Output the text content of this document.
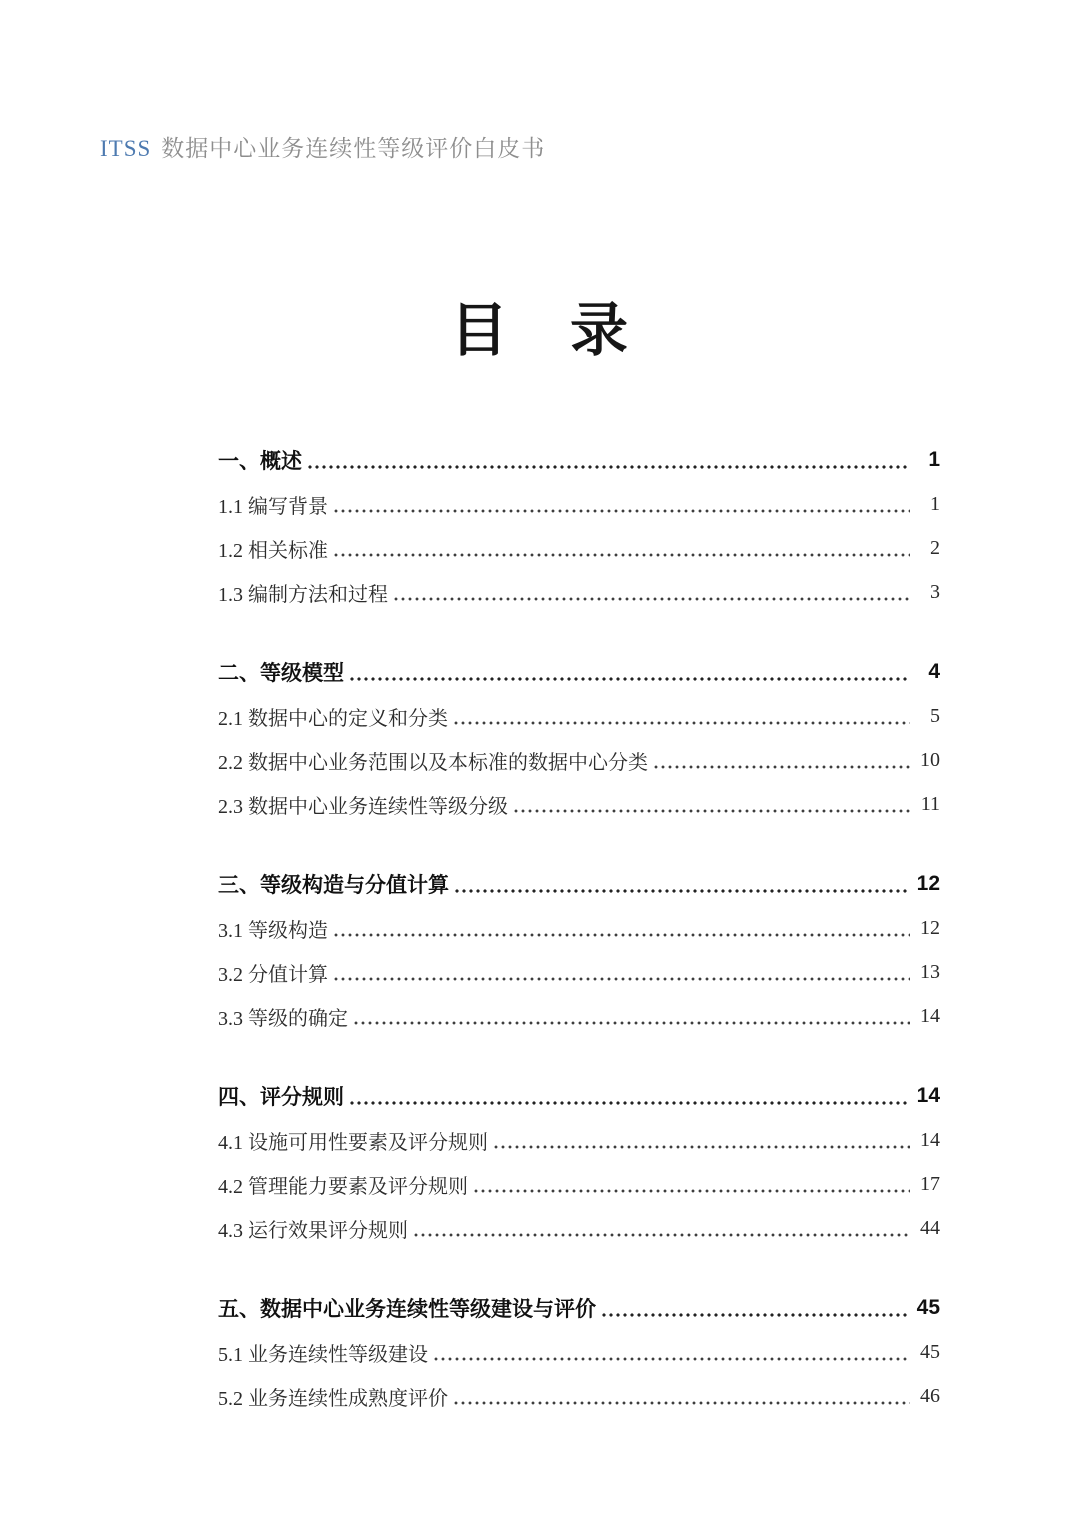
ITSS 数据中心业务连续性等级评价白皮书
目　录
一、概述	1
1.1 编写背景	1
1.2 相关标准	2
1.3 编制方法和过程	3
二、等级模型	4
2.1 数据中心的定义和分类	5
2.2 数据中心业务范围以及本标准的数据中心分类	10
2.3 数据中心业务连续性等级分级	11
三、等级构造与分值计算	12
3.1 等级构造	12
3.2 分值计算	13
3.3 等级的确定	14
四、评分规则	14
4.1 设施可用性要素及评分规则	14
4.2 管理能力要素及评分规则	17
4.3 运行效果评分规则	44
五、数据中心业务连续性等级建设与评价	45
5.1 业务连续性等级建设	45
5.2 业务连续性成熟度评价	46
